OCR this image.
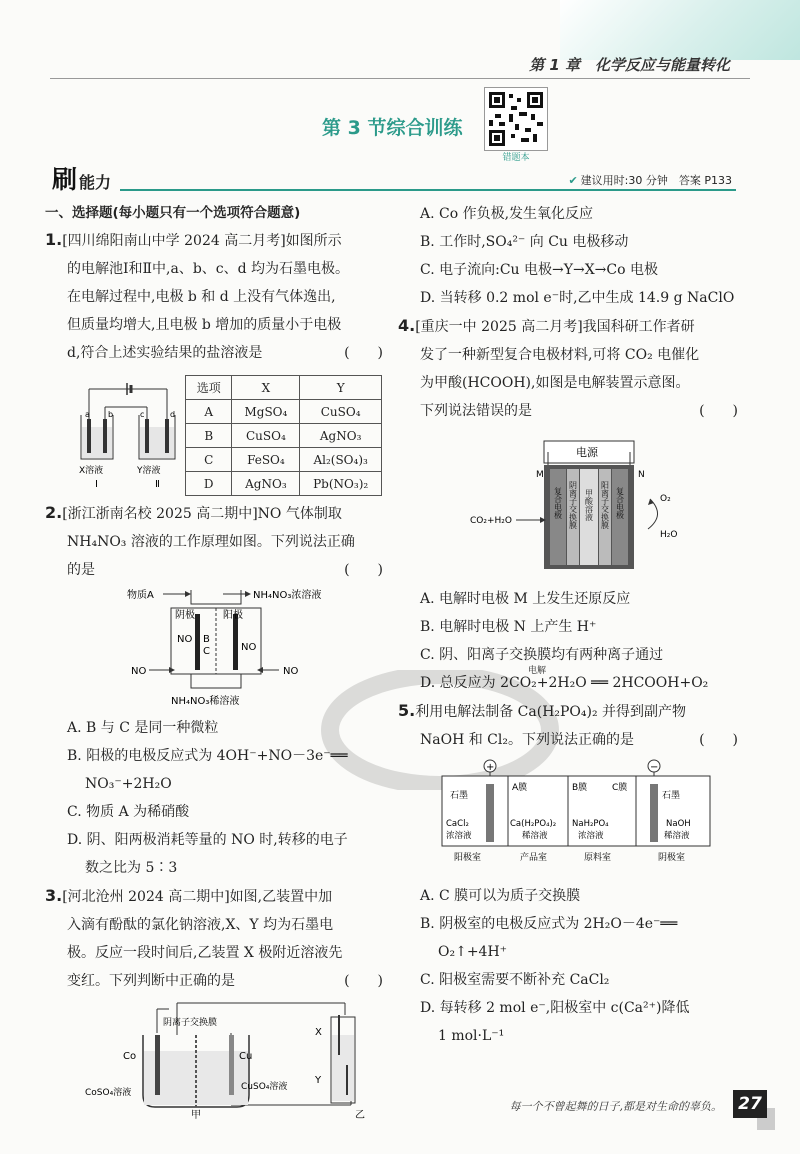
第 1 章　化学反应与能量转化
第 3 节综合训练
错题本
刷能力	✔ 建议用时:30 分钟　 答案 P133
一、选择题(每小题只有一个选项符合题意)
1.[四川绵阳南山中学 2024 高二月考]如图所示
的电解池Ⅰ和Ⅱ中,a、b、c、d 均为石墨电极。
在电解过程中,电极 b 和 d 上没有气体逸出,
但质量均增大,且电极 b 增加的质量小于电极
d,符合上述实验结果的盐溶液是	(　　)
a b	c	d
X溶液	Y溶液
Ⅰ	Ⅱ
选项	X	Y
A	MgSO₄	CuSO₄
B	CuSO₄	AgNO₃
C	FeSO₄	Al₂(SO₄)₃
D	AgNO₃	Pb(NO₃)₂
2.[浙江浙南名校 2025 高二期中]NO 气体制取
NH₄NO₃ 溶液的工作原理如图。下列说法正确
的是	(　　)
物质A	NH₄NO₃浓溶液
阴极	阳极
NO B
C	NO
NO	NO
NH₄NO₃稀溶液
A. B 与 C 是同一种微粒
B. 阳极的电极反应式为 4OH⁻+NO－3e⁻══
NO₃⁻+2H₂O
C. 物质 A 为稀硝酸
D. 阴、阳两极消耗等量的 NO 时,转移的电子
数之比为 5∶3
3.[河北沧州 2024 高二期中]如图,乙装置中加
入滴有酚酞的氯化钠溶液,X、Y 均为石墨电
极。反应一段时间后,乙装置 X 极附近溶液先
变红。下列判断中正确的是	(　　)
阴离子交换膜
Co	Cu
CoSO₄溶液
CuSO₄溶液
甲
X
Y
乙
A. Co 作负极,发生氧化反应
B. 工作时,SO₄²⁻ 向 Cu 电极移动
C. 电子流向:Cu 电极→Y→X→Co 电极
D. 当转移 0.2 mol e⁻时,乙中生成 14.9 g NaClO
4.[重庆一中 2025 高二月考]我国科研工作者研
发了一种新型复合电极材料,可将 CO₂ 电催化
为甲酸(HCOOH),如图是电解装置示意图。
下列说法错误的是	(　　)
电源
M	N
CO₂+H₂O
O₂
H₂O
复合电极 阴离子交换膜 甲酸溶液 阳离子交换膜 复合电极
A. 电解时电极 M 上发生还原反应
B. 电解时电极 N 上产生 H⁺
C. 阴、阳离子交换膜均有两种离子通过
电解
D. 总反应为 2CO₂+2H₂O ══ 2HCOOH+O₂
5.利用电解法制备 Ca(H₂PO₄)₂ 并得到副产物
NaOH 和 Cl₂。下列说法正确的是	(　　)
+	−
石墨
A膜	B膜	C膜
石墨
CaCl₂
浓溶液
Ca(H₂PO₄)₂
稀溶液
NaH₂PO₄
浓溶液
NaOH
稀溶液
阳极室	产品室	原料室	阴极室
A. C 膜可以为质子交换膜
B. 阴极室的电极反应式为 2H₂O－4e⁻══
O₂↑+4H⁺
C. 阳极室需要不断补充 CaCl₂
D. 每转移 2 mol e⁻,阳极室中 c(Ca²⁺)降低
1 mol·L⁻¹
每一个不曾起舞的日子,都是对生命的辜负。 27
